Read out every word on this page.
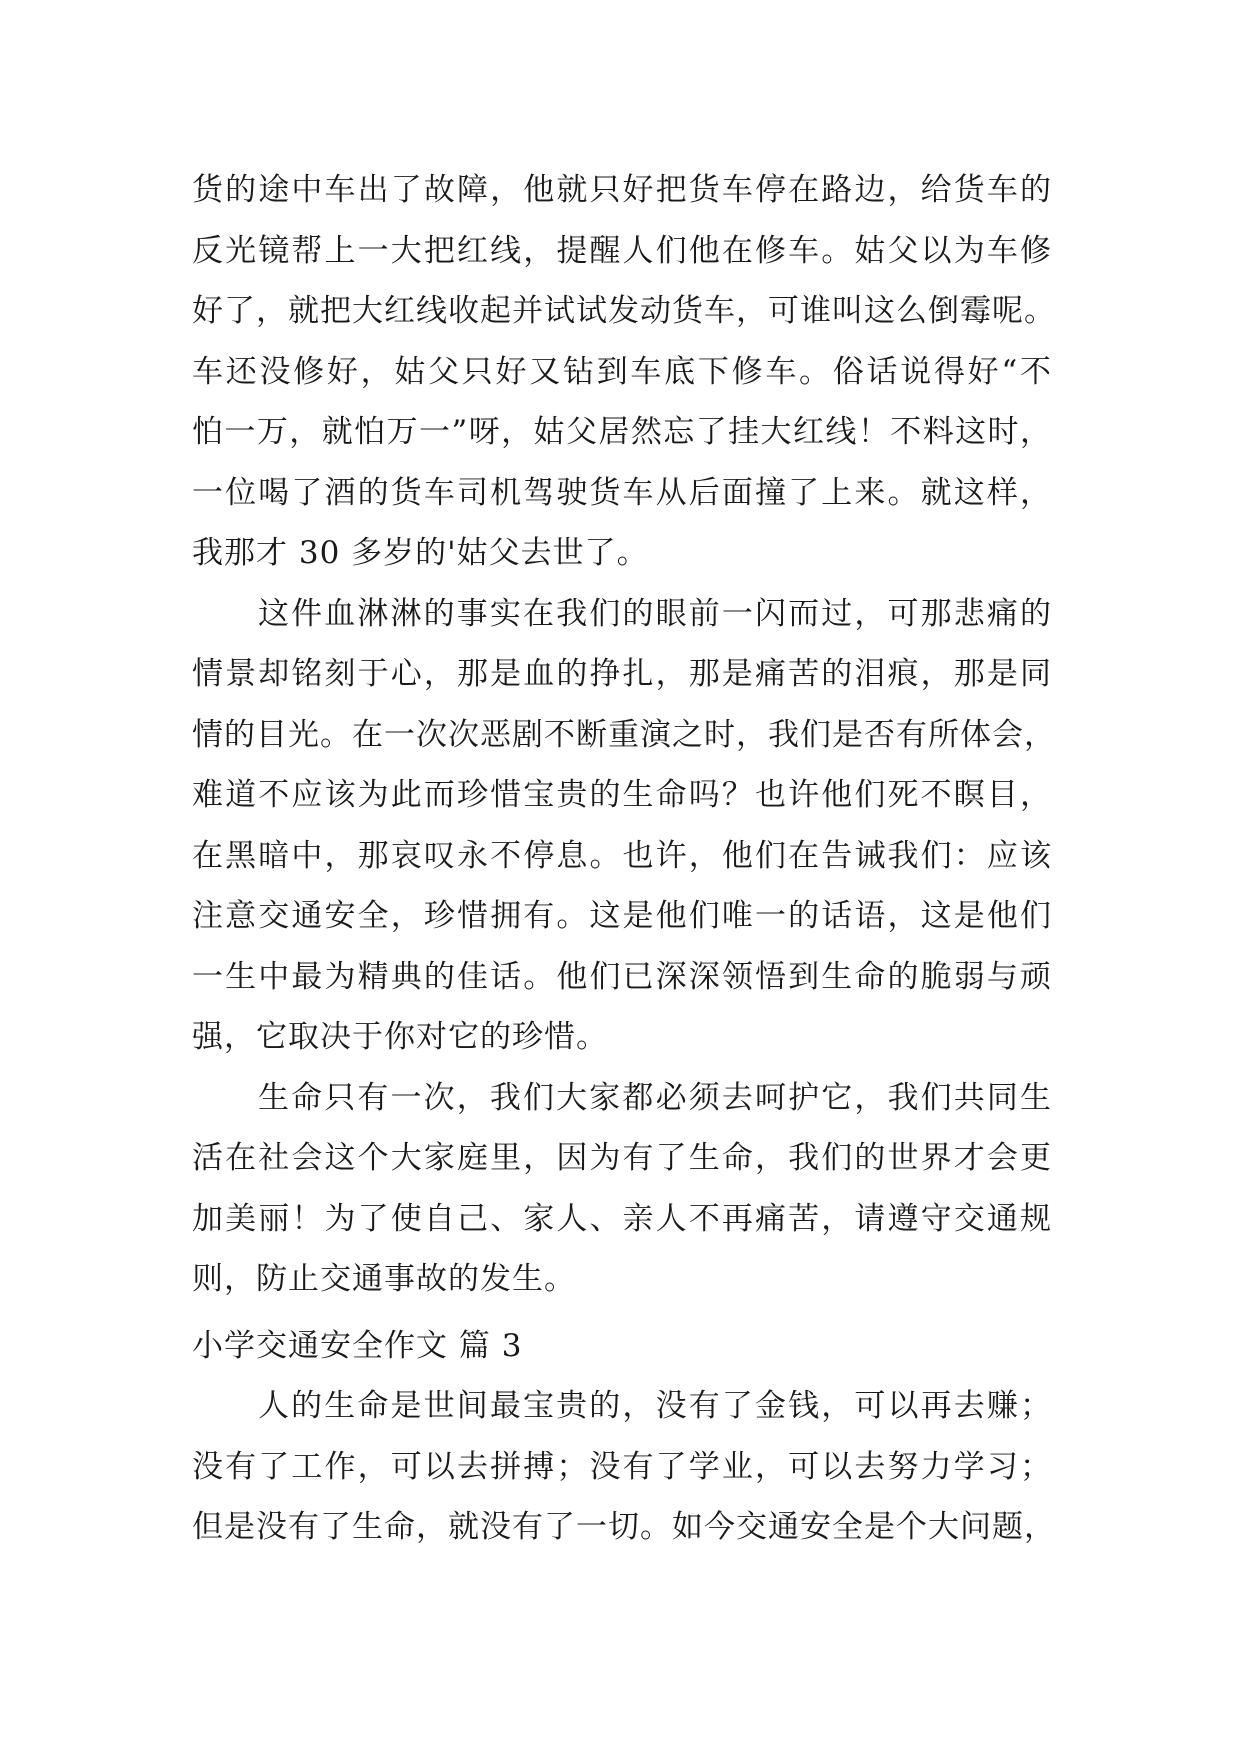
货的途中车出了故障，他就只好把货车停在路边，给货车的
反光镜帮上一大把红线，提醒人们他在修车。姑父以为车修
好了，就把大红线收起并试试发动货车，可谁叫这么倒霉呢。
车还没修好，姑父只好又钻到车底下修车。俗话说得好“不
怕一万，就怕万一”呀，姑父居然忘了挂大红线！不料这时，
一位喝了酒的货车司机驾驶货车从后面撞了上来。就这样，
我那才 30 多岁的'姑父去世了。
这件血淋淋的事实在我们的眼前一闪而过，可那悲痛的
情景却铭刻于心，那是血的挣扎，那是痛苦的泪痕，那是同
情的目光。在一次次恶剧不断重演之时，我们是否有所体会，
难道不应该为此而珍惜宝贵的生命吗？也许他们死不瞑目，
在黑暗中，那哀叹永不停息。也许，他们在告诫我们：应该
注意交通安全，珍惜拥有。这是他们唯一的话语，这是他们
一生中最为精典的佳话。他们已深深领悟到生命的脆弱与顽
强，它取决于你对它的珍惜。
生命只有一次，我们大家都必须去呵护它，我们共同生
活在社会这个大家庭里，因为有了生命，我们的世界才会更
加美丽！为了使自己、家人、亲人不再痛苦，请遵守交通规
则，防止交通事故的发生。
小学交通安全作文 篇 3
人的生命是世间最宝贵的，没有了金钱，可以再去赚；
没有了工作，可以去拼搏；没有了学业，可以去努力学习；
但是没有了生命，就没有了一切。如今交通安全是个大问题，
